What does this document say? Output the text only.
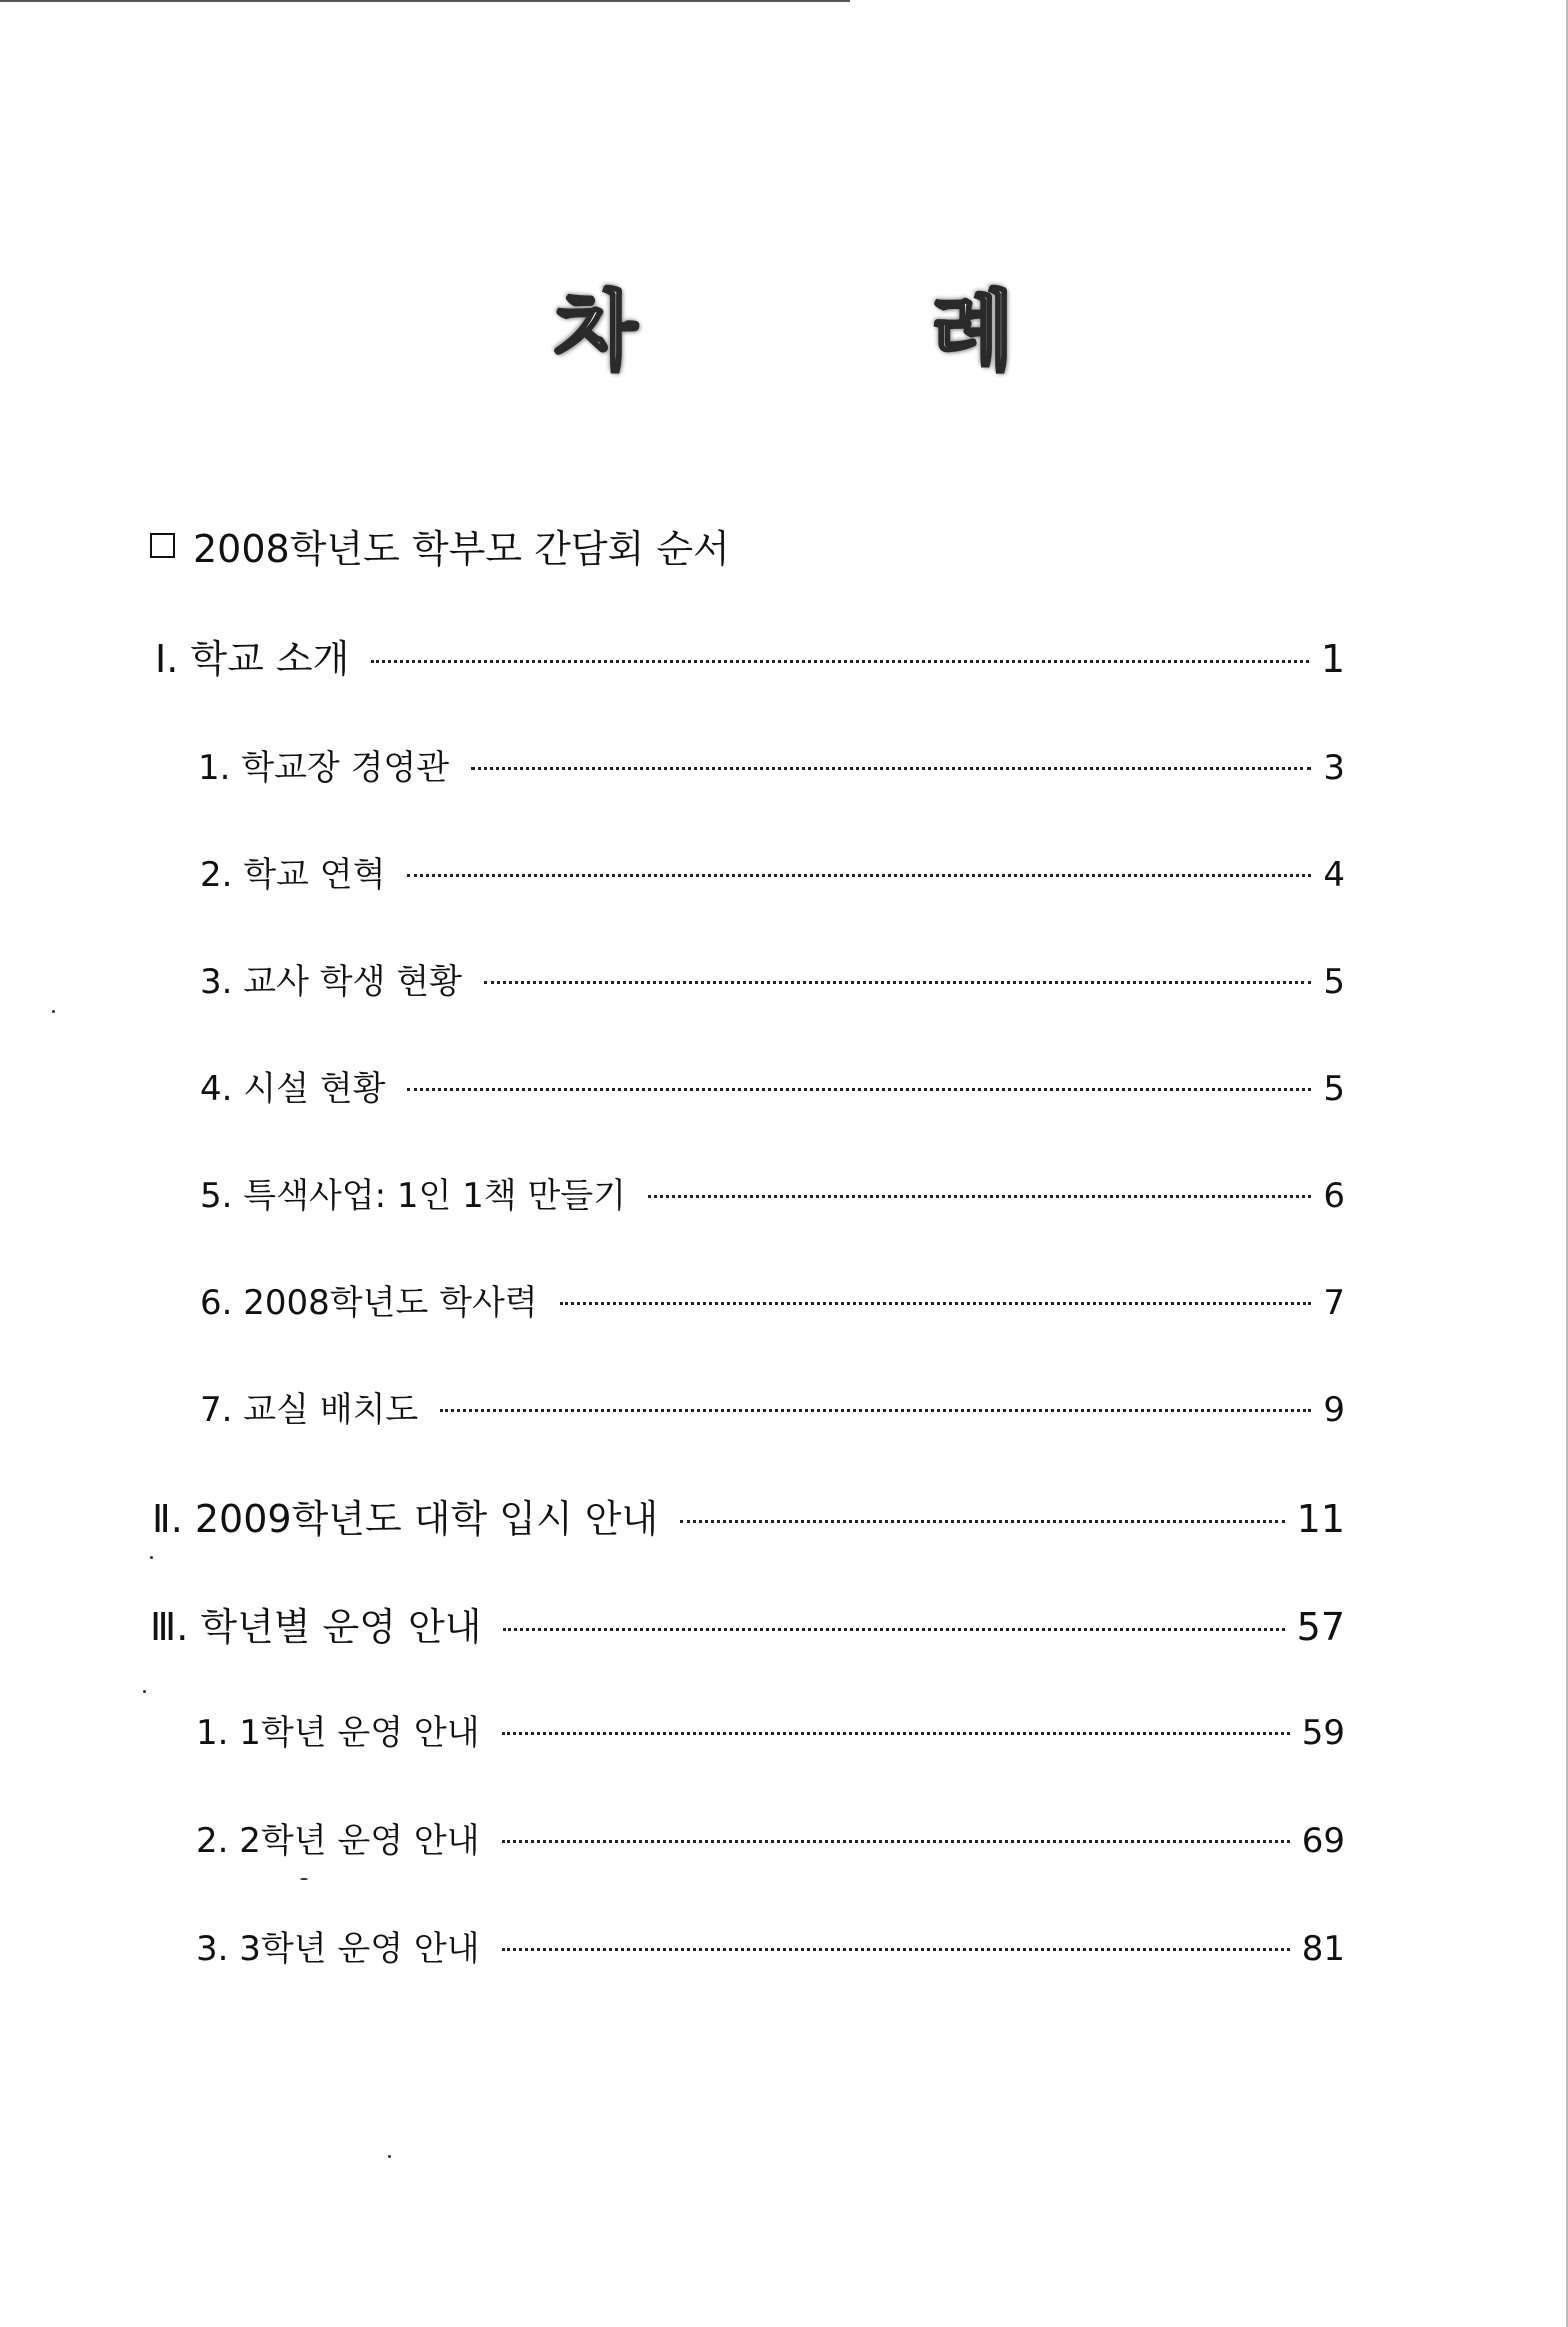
차 례
2008학년도 학부모 간담회 순서
Ⅰ. 학교 소개	1
1. 학교장 경영관	3
2. 학교 연혁	4
3. 교사 학생 현황	5
4. 시설 현황	5
5. 특색사업: 1인 1책 만들기	6
6. 2008학년도 학사력	7
7. 교실 배치도	9
Ⅱ. 2009학년도 대학 입시 안내	11
Ⅲ. 학년별 운영 안내	57
1. 1학년 운영 안내	59
2. 2학년 운영 안내	69
3. 3학년 운영 안내	81
